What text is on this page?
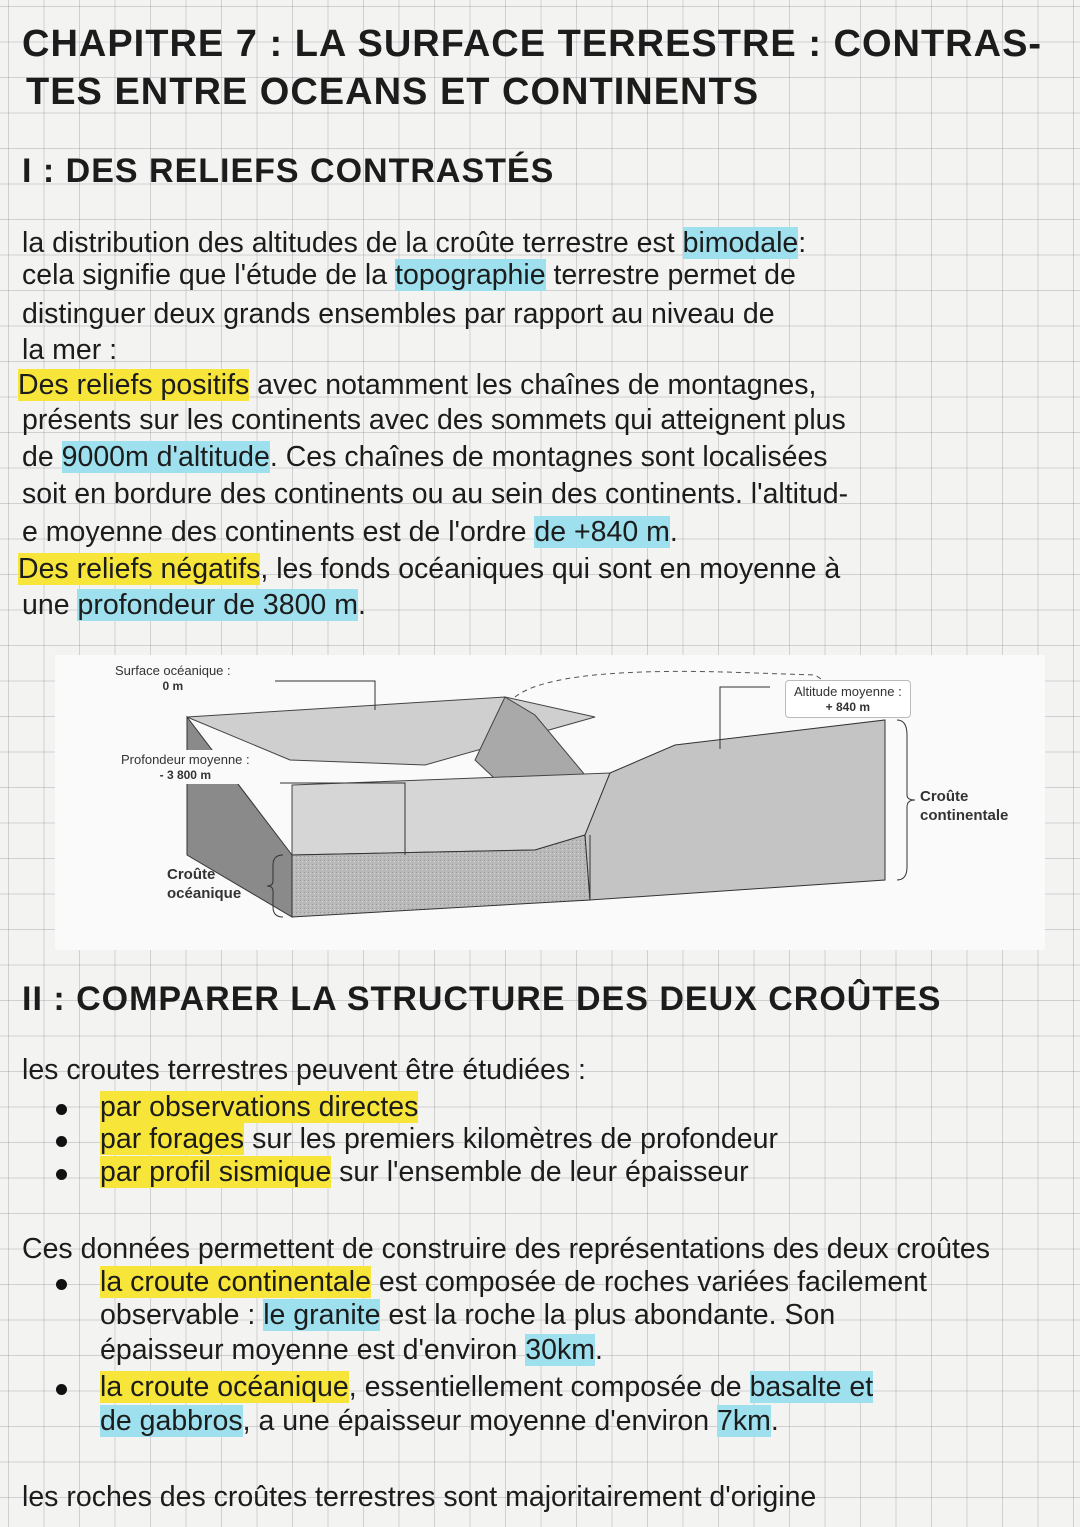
CHAPITRE 7 : LA SURFACE TERRESTRE : CONTRAS-
TES ENTRE OCEANS ET CONTINENTS
I : DES RELIEFS CONTRASTÉS
la distribution des altitudes de la croûte terrestre est bimodale:
cela signifie que l'étude de la topographie terrestre permet de
distinguer deux grands ensembles par rapport au niveau de
la mer :
Des reliefs positifs avec notamment les chaînes de montagnes,
présents sur les continents avec des sommets qui atteignent plus
de 9000m d'altitude. Ces chaînes de montagnes sont localisées
soit en bordure des continents ou au sein des continents. l'altitud-
e moyenne des continents est de l'ordre de +840 m.
Des reliefs négatifs, les fonds océaniques qui sont en moyenne à
une profondeur de 3800 m.
Surface océanique :
0 m
Profondeur moyenne :
- 3 800 m
Altitude moyenne :
+ 840 m
Croûte continentale
Croûte océanique
II : COMPARER LA STRUCTURE DES DEUX CROÛTES
les croutes terrestres peuvent être étudiées :
par observations directes
par forages sur les premiers kilomètres de profondeur
par profil sismique sur l'ensemble de leur épaisseur
Ces données permettent de construire des représentations des deux croûtes
la croute continentale est composée de roches variées facilement
observable : le granite est la roche la plus abondante. Son
épaisseur moyenne est d'environ 30km.
la croute océanique, essentiellement composée de basalte et
de gabbros, a une épaisseur moyenne d'environ 7km.
les roches des croûtes terrestres sont majoritairement d'origine
